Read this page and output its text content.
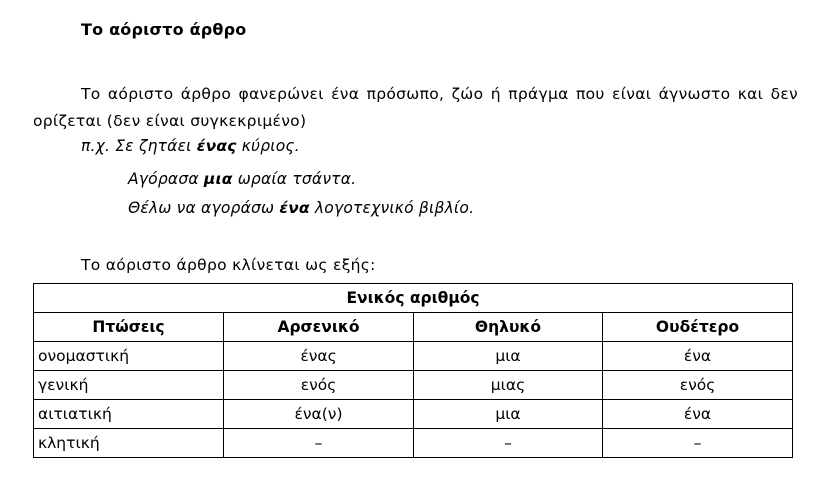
Το αόριστο άρθρο
Το αόριστο άρθρο φανερώνει ένα πρόσωπο, ζώο ή πράγμα που είναι άγνωστο και δεν ορίζεται (δεν είναι συγκεκριμένο)
π.χ. Σε ζητάει ένας κύριος.
Αγόρασα μια ωραία τσάντα.
Θέλω να αγοράσω ένα λογοτεχνικό βιβλίο.
Το αόριστο άρθρο κλίνεται ως εξής:
Ενικός αριθμός			
Πτώσεις	Αρσενικό	Θηλυκό	Ουδέτερο
ονομαστική	ένας	μια	ένα
γενική	ενός	μιας	ενός
αιτιατική	ένα(ν)	μια	ένα
κλητική	–	–	–
